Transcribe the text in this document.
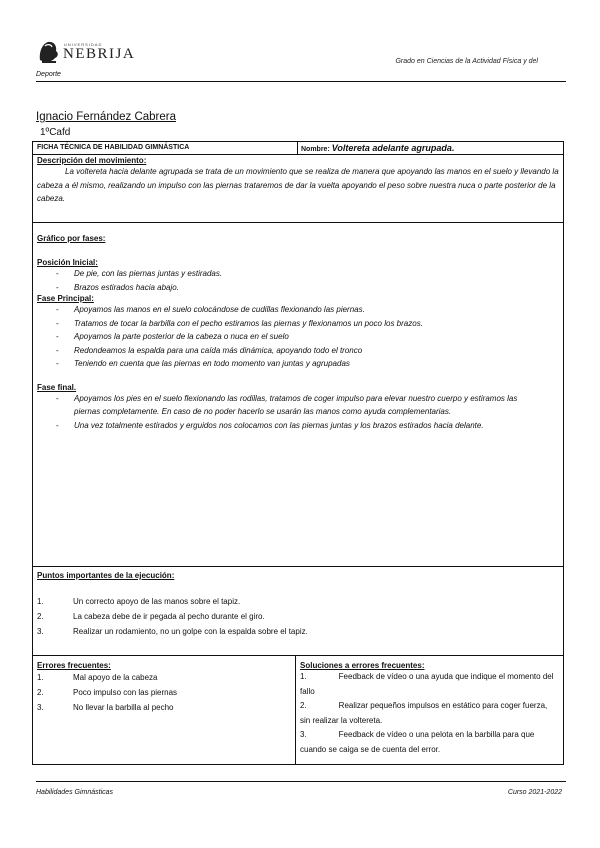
UNIVERSIDAD
NEBRIJA	Grado en Ciencias de la Actividad Física y del
Deporte
Ignacio Fernández Cabrera
1ºCafd
FICHA TÉCNICA DE HABILIDAD GIMNÁSTICA	Nombre: Voltereta adelante agrupada.
Descripción del movimiento:
La voltereta hacia delante agrupada se trata de un movimiento que se realiza de manera que apoyando las manos en el suelo y llevando la cabeza a él mismo, realizando un impulso con las piernas trataremos de dar la vuelta apoyando el peso sobre nuestra nuca o parte posterior de la cabeza.
Gráfico por fases:
Posición Inicial:
- De pie, con las piernas juntas y estiradas.
- Brazos estirados hacia abajo.
Fase Principal:
- Apoyamos las manos en el suelo colocándose de cudillas flexionando las piernas.
- Tratamos de tocar la barbilla con el pecho estiramos las piernas y flexionamos un poco los brazos.
- Apoyamos la parte posterior de la cabeza o nuca en el suelo
- Redondeamos la espalda para una caída más dinámica, apoyando todo el tronco
- Teniendo en cuenta que las piernas en todo momento van juntas y agrupadas
Fase final.
- Apoyamos los pies en el suelo flexionando las rodillas, tratamos de coger impulso para elevar nuestro cuerpo y estiramos las piernas completamente. En caso de no poder hacerlo se usarán las manos como ayuda complementarias.
- Una vez totalmente estirados y erguidos nos colocamos con las piernas juntas y los brazos estirados hacia delante.
Puntos importantes de la ejecución:
1.	Un correcto apoyo de las manos sobre el tapiz.
2.	La cabeza debe de ir pegada al pecho durante el giro.
3.	Realizar un rodamiento, no un golpe con la espalda sobre el tapiz.
Errores frecuentes:
1.	Mal apoyo de la cabeza
2.	Poco impulso con las piernas
3.	No llevar la barbilla al pecho
Soluciones a errores frecuentes:
1.	Feedback de vídeo o una ayuda que indique el momento del fallo
2.	Realizar pequeños impulsos en estático para coger fuerza, sin realizar la voltereta.
3.	Feedback de vídeo o una pelota en la barbilla para que cuando se caiga se de cuenta del error.
Habilidades Gimnásticas	Curso 2021-2022
